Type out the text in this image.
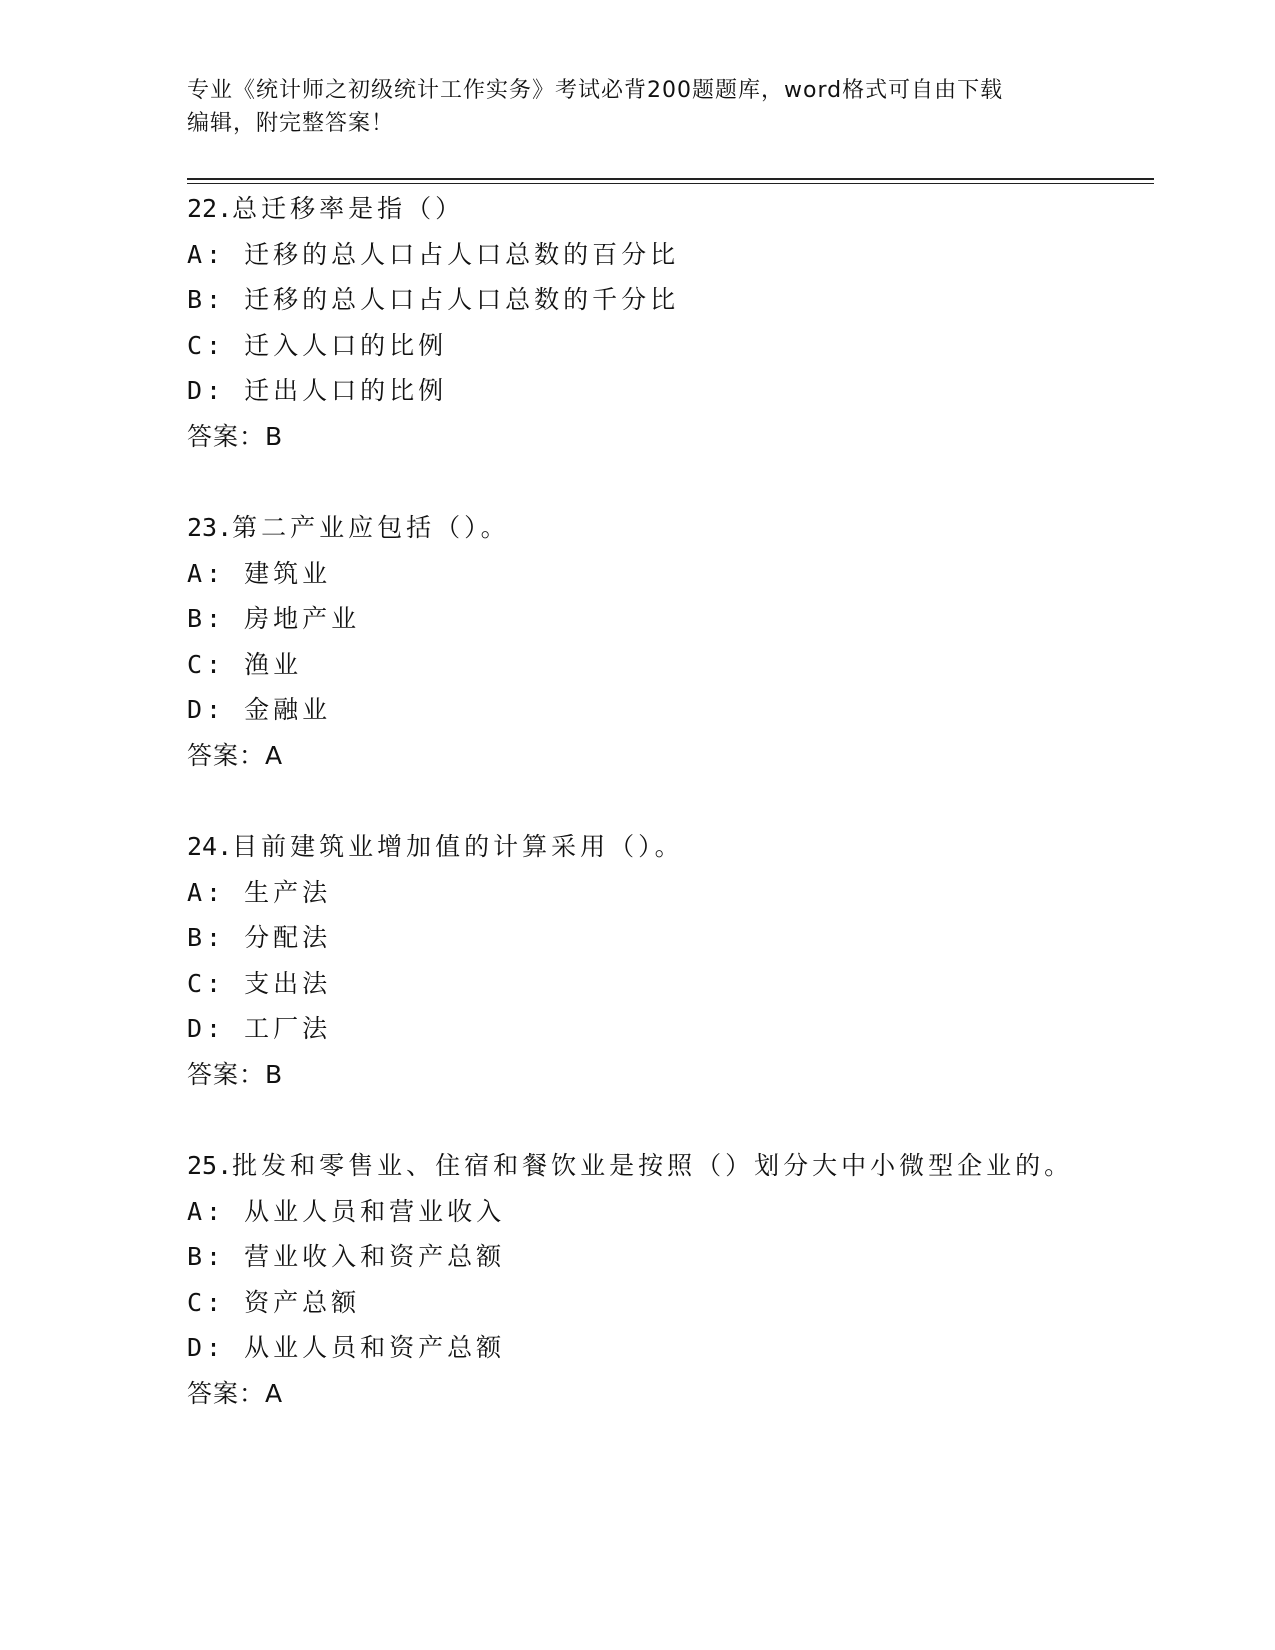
专业《统计师之初级统计工作实务》考试必背200题题库，word格式可自由下载
编辑，附完整答案！
22.总迁移率是指（）
A: 迁移的总人口占人口总数的百分比
B: 迁移的总人口占人口总数的千分比
C: 迁入人口的比例
D: 迁出人口的比例
答案：B
23.第二产业应包括（）。
A: 建筑业
B: 房地产业
C: 渔业
D: 金融业
答案：A
24.目前建筑业增加值的计算采用（）。
A: 生产法
B: 分配法
C: 支出法
D: 工厂法
答案：B
25.批发和零售业、住宿和餐饮业是按照（）划分大中小微型企业的。
A: 从业人员和营业收入
B: 营业收入和资产总额
C: 资产总额
D: 从业人员和资产总额
答案：A
